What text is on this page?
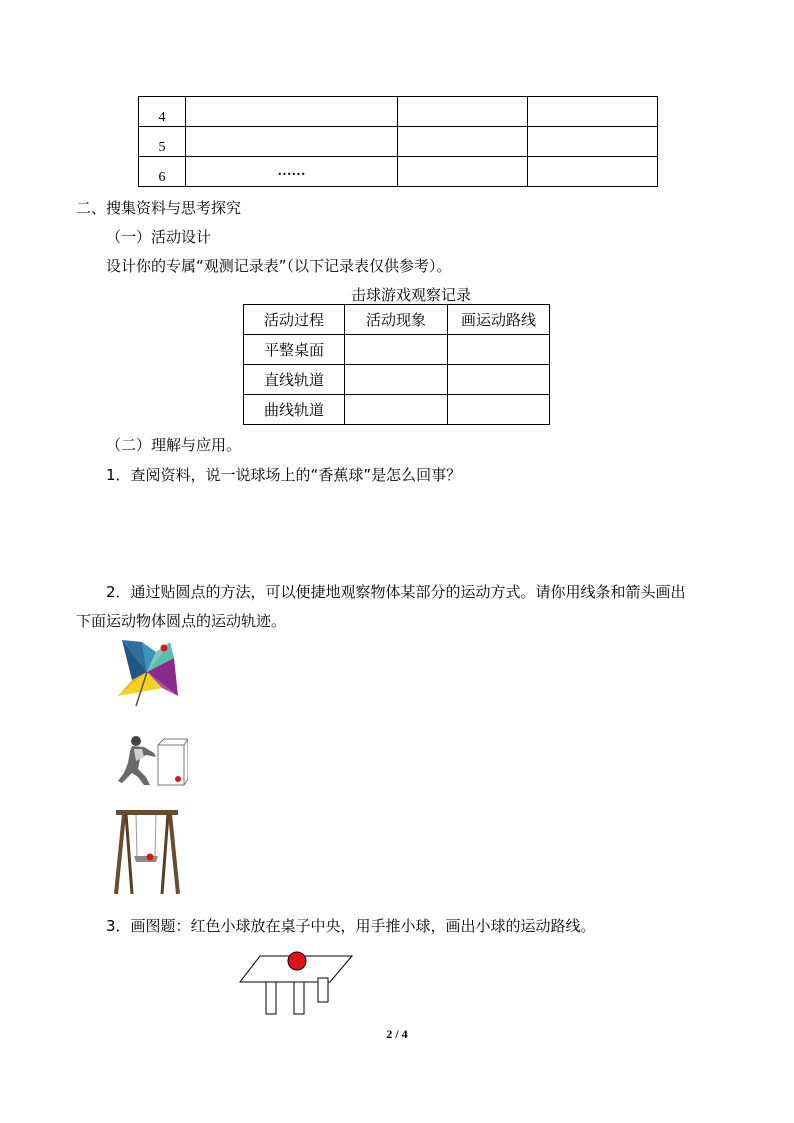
4			
5			
6	……		
二、搜集资料与思考探究
（一）活动设计
设计你的专属“观测记录表”（以下记录表仅供参考）。
击球游戏观察记录
活动过程	活动现象	画运动路线
平整桌面		
直线轨道		
曲线轨道		
（二）理解与应用。
1．查阅资料，说一说球场上的“香蕉球”是怎么回事？
2．通过贴圆点的方法，可以便捷地观察物体某部分的运动方式。请你用线条和箭头画出
下面运动物体圆点的运动轨迹。
3．画图题：红色小球放在桌子中央，用手推小球，画出小球的运动路线。
2 / 4
